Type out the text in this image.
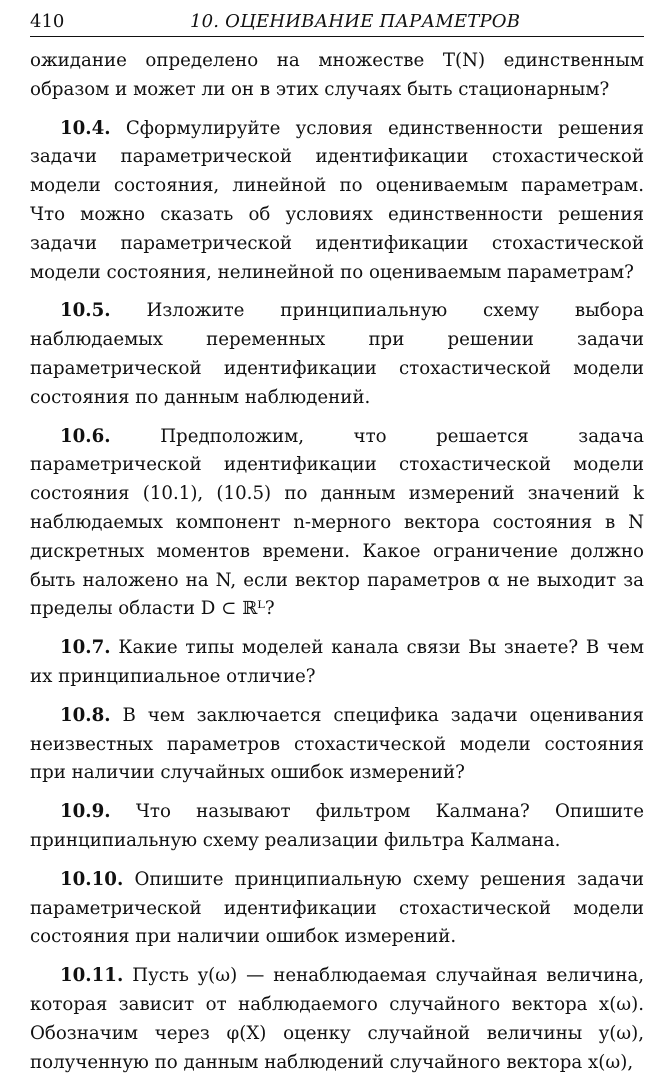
410	10. ОЦЕНИВАНИЕ ПАРАМЕТРОВ

ожидание определено на множестве T(N) единственным образом и может ли он в этих случаях быть стационарным?

10.4. Сформулируйте условия единственности решения задачи параметрической идентификации стохастической модели состояния, линейной по оцениваемым параметрам. Что можно сказать об условиях единственности решения задачи параметрической идентификации стохастической модели состояния, нелинейной по оцениваемым параметрам?

10.5. Изложите принципиальную схему выбора наблюдаемых переменных при решении задачи параметрической идентификации стохастической модели состояния по данным наблюдений.

10.6.	Предположим, что решается задача параметрической идентификации стохастической модели состояния (10.1), (10.5) по данным измерений значений k наблюдаемых компонент n-мерного вектора состояния в N дискретных моментов времени. Какое ограничение должно быть наложено на N, если вектор параметров α не выходит за пределы области D ⊂ ℝᴸ?

10.7. Какие типы моделей канала связи Вы знаете? В чем их принципиальное отличие?

10.8. В чем заключается специфика задачи оценивания неизвестных параметров стохастической модели состояния при наличии случайных ошибок измерений?

10.9. Что называют фильтром Калмана? Опишите принципиальную схему реализации фильтра Калмана.

10.10. Опишите принципиальную схему решения задачи параметрической идентификации стохастической модели состояния при наличии ошибок измерений.

10.11. Пусть y(ω) — ненаблюдаемая случайная величина, которая зависит от наблюдаемого случайного вектора x(ω). Обозначим через φ(X) оценку случайной величины y(ω), полученную по данным наблюдений случайного вектора x(ω),
